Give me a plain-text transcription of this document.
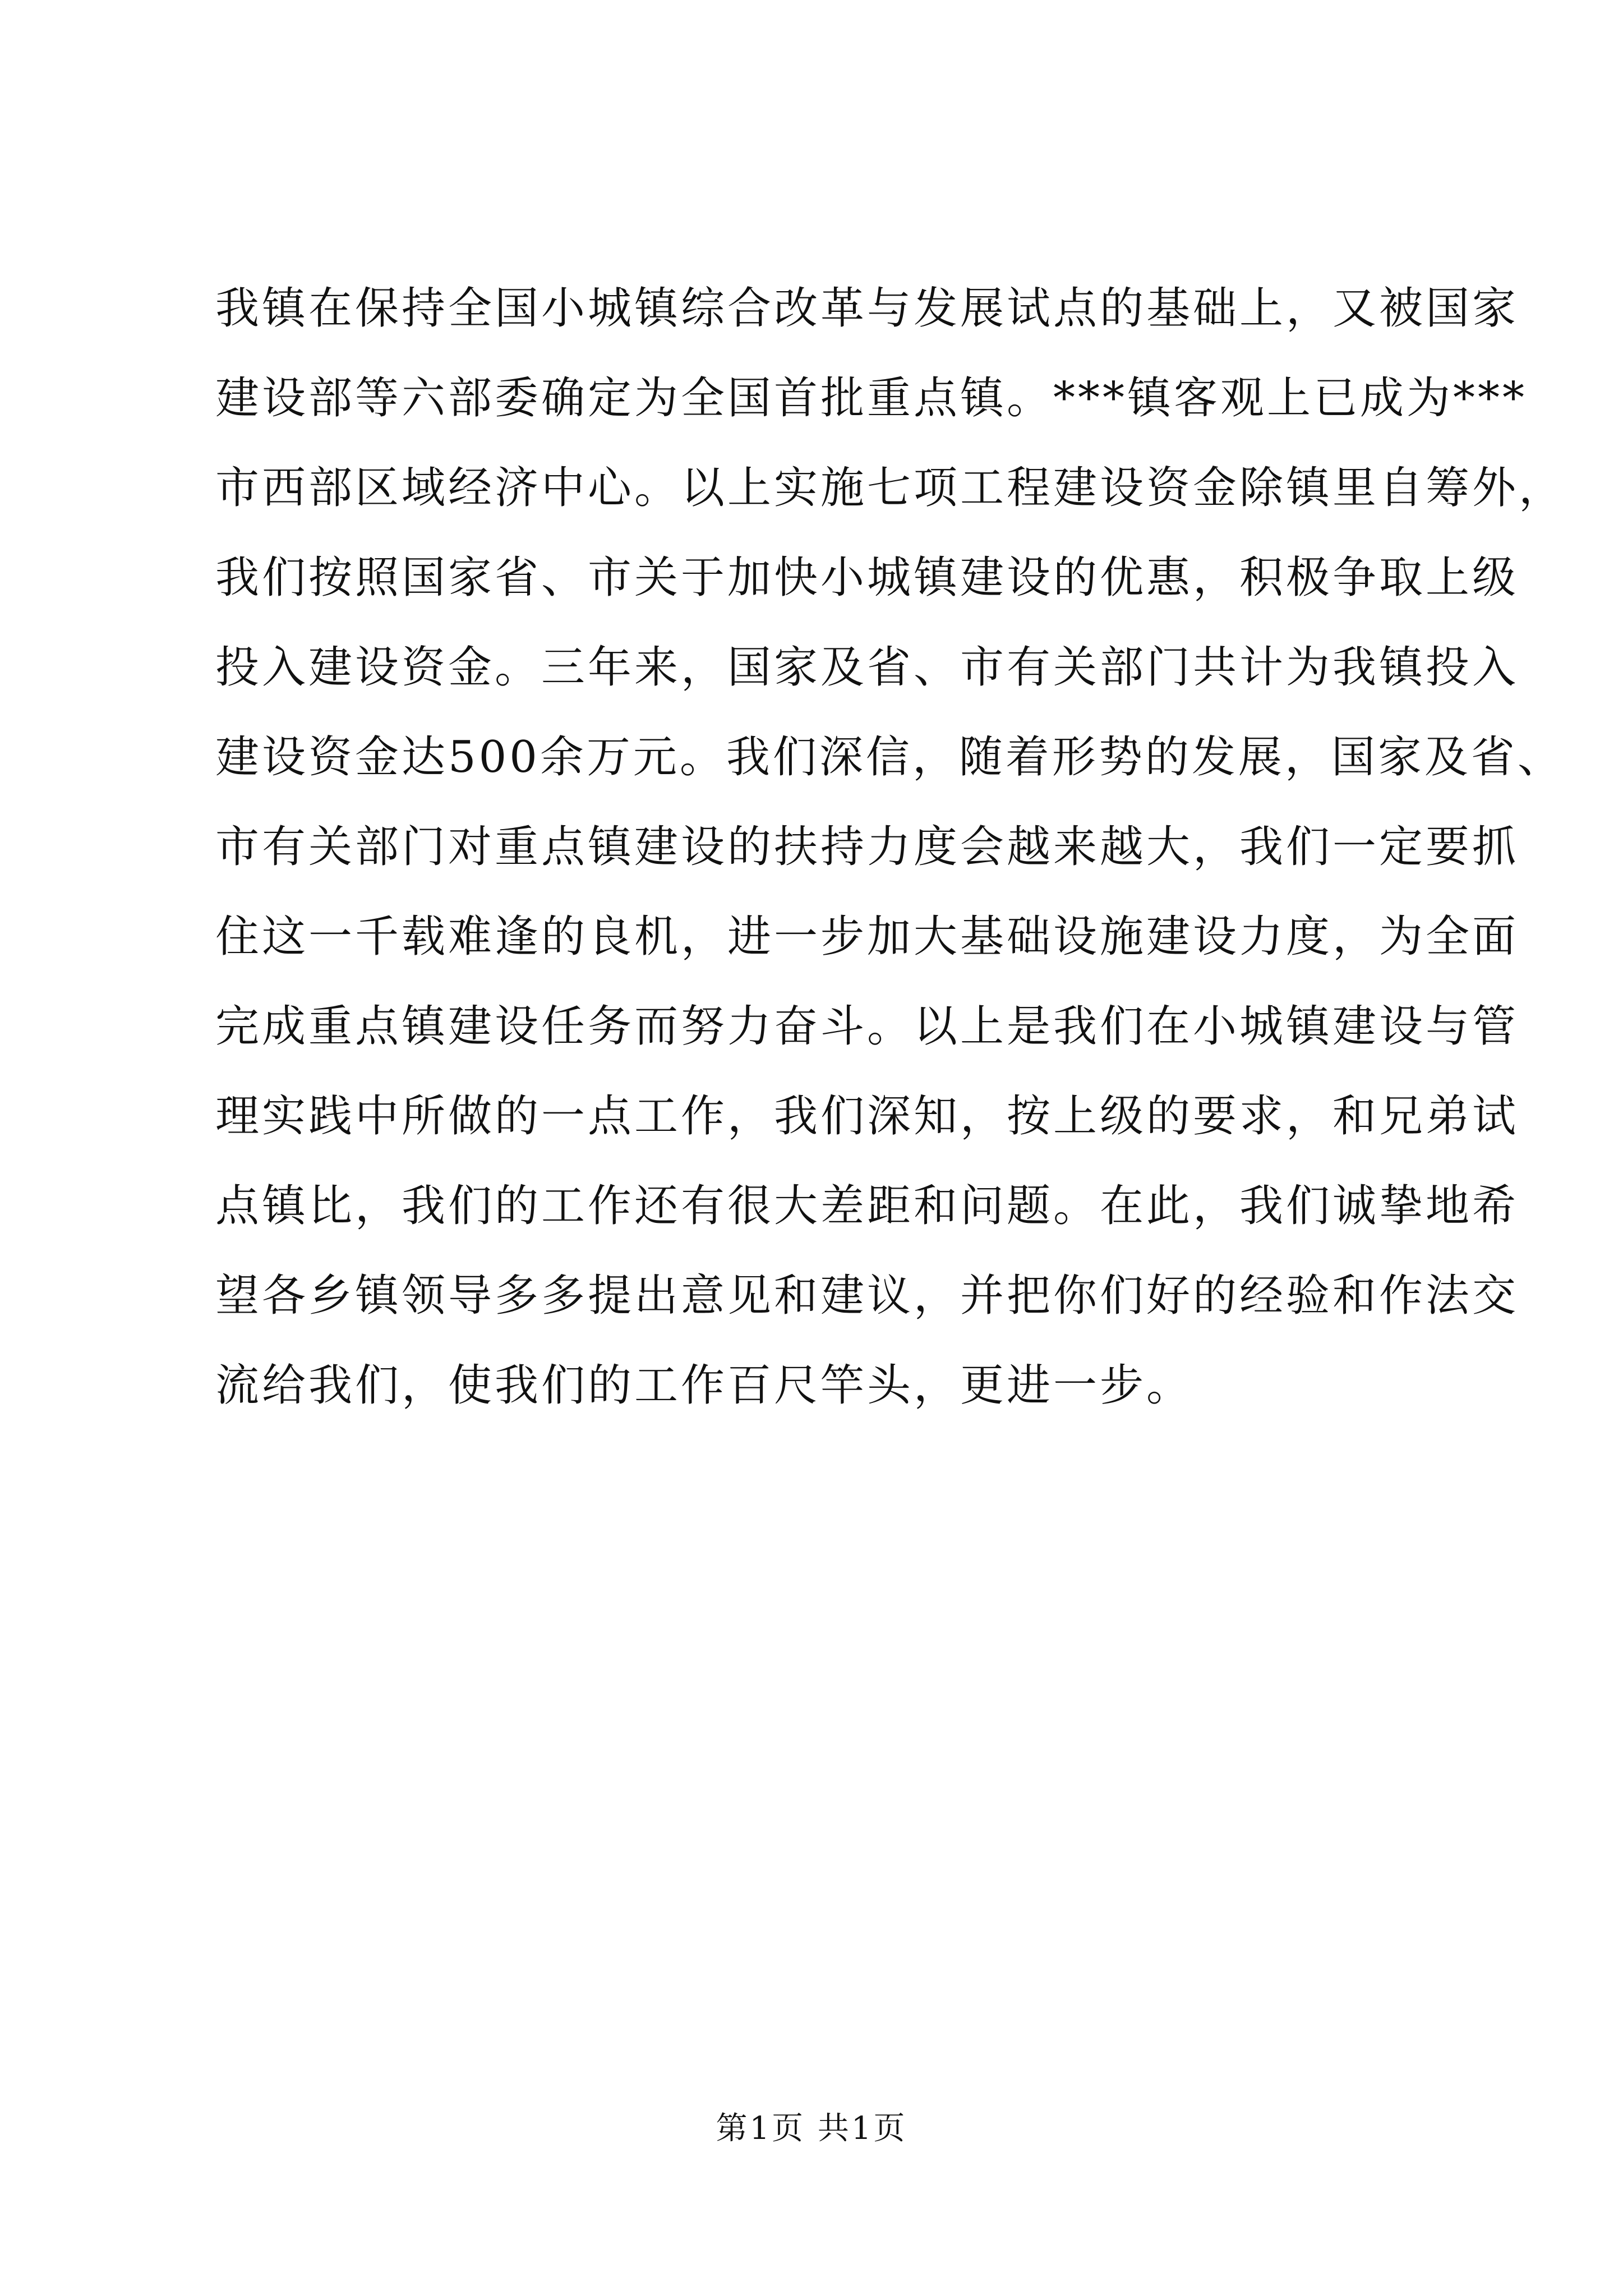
我镇在保持全国小城镇综合改革与发展试点的基础上，又被国家
建设部等六部委确定为全国首批重点镇。***镇客观上已成为***
市西部区域经济中心。以上实施七项工程建设资金除镇里自筹外，
我们按照国家省、市关于加快小城镇建设的优惠，积极争取上级
投入建设资金。三年来，国家及省、市有关部门共计为我镇投入
建设资金达500余万元。我们深信，随着形势的发展，国家及省、
市有关部门对重点镇建设的扶持力度会越来越大，我们一定要抓
住这一千载难逢的良机，进一步加大基础设施建设力度，为全面
完成重点镇建设任务而努力奋斗。以上是我们在小城镇建设与管
理实践中所做的一点工作，我们深知，按上级的要求，和兄弟试
点镇比，我们的工作还有很大差距和问题。在此，我们诚挚地希
望各乡镇领导多多提出意见和建议，并把你们好的经验和作法交
流给我们，使我们的工作百尺竿头，更进一步。
第1页 共1页
